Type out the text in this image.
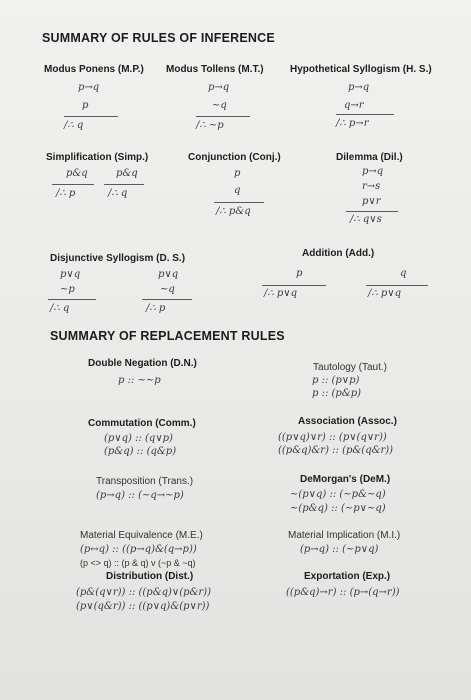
SUMMARY OF RULES OF INFERENCE
Modus Ponens (M.P.)
p→q
p
/∴ q
Modus Tollens (M.T.)
p→q
~q
/∴ ~p
Hypothetical Syllogism (H. S.)
p→q
q→r
/∴ p→r
Simplification (Simp.)
p&q
/∴ p
p&q
/∴ q
Conjunction (Conj.)
p
q
/∴ p&q
Dilemma (Dil.)
p→q
r→s
p∨r
/∴ q∨s
Disjunctive Syllogism (D. S.)
p∨q
~p
/∴ q
p∨q
~q
/∴ p
Addition (Add.)
p
/∴ p∨q
q
/∴ p∨q
SUMMARY OF REPLACEMENT RULES
Double Negation (D.N.)
p :: ~~p
Tautology (Taut.)
p :: (p∨p)
p :: (p&p)
Commutation (Comm.)
(p∨q) :: (q∨p)
(p&q) :: (q&p)
Association (Assoc.)
((p∨q)∨r) :: (p∨(q∨r))
((p&q)&r) :: (p&(q&r))
Transposition (Trans.)
(p→q) :: (~q→~p)
DeMorgan's (DeM.)
~(p∨q) :: (~p&~q)
~(p&q) :: (~p∨~q)
Material Equivalence (M.E.)
(p↔q) :: ((p→q)&(q→p))
(p <> q) :: (p & q) v (~p & ~q)
Distribution (Dist.)
(p&(q∨r)) :: ((p&q)∨(p&r))
(p∨(q&r)) :: ((p∨q)&(p∨r))
Material Implication (M.I.)
(p→q) :: (~p∨q)
Exportation (Exp.)
((p&q)→r) :: (p→(q→r))
